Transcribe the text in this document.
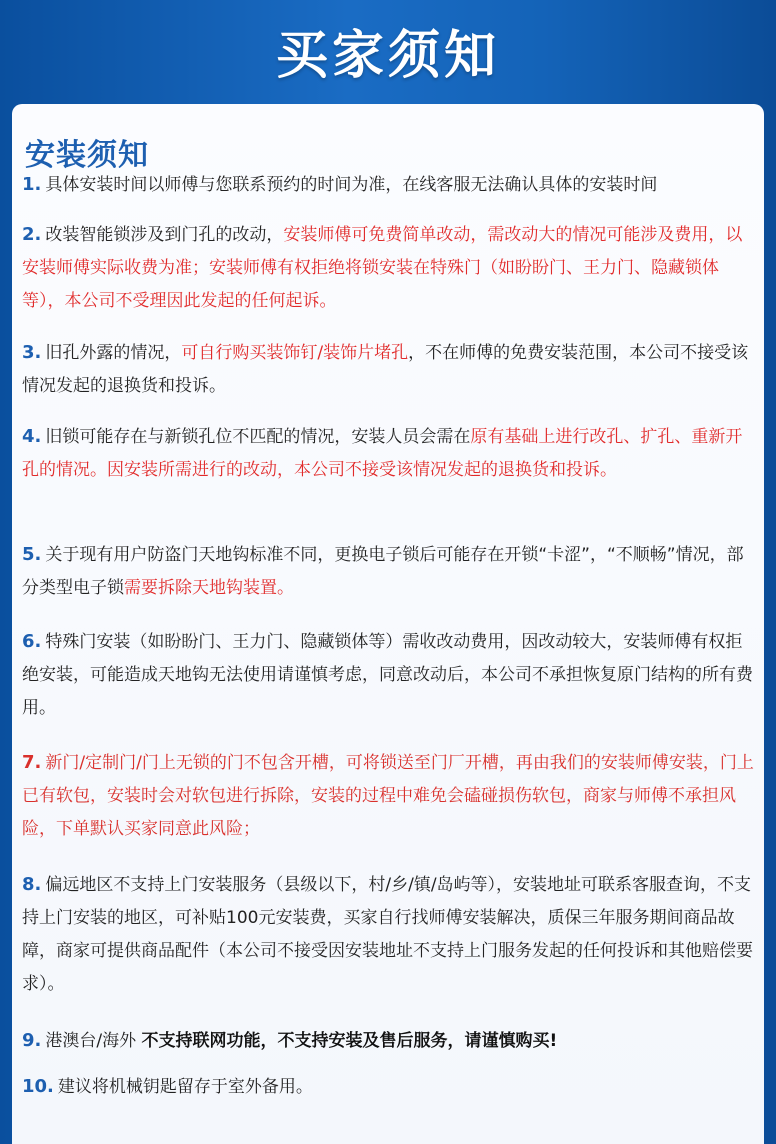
买家须知
安装须知
1. 具体安装时间以师傅与您联系预约的时间为准，在线客服无法确认具体的安装时间
2. 改装智能锁涉及到门孔的改动，安装师傅可免费简单改动，需改动大的情况可能涉及费用，以安装师傅实际收费为准；安装师傅有权拒绝将锁安装在特殊门（如盼盼门、王力门、隐藏锁体等），本公司不受理因此发起的任何起诉。
3. 旧孔外露的情况，可自行购买装饰钉/装饰片堵孔，不在师傅的免费安装范围，本公司不接受该情况发起的退换货和投诉。
4. 旧锁可能存在与新锁孔位不匹配的情况，安装人员会需在原有基础上进行改孔、扩孔、重新开孔的情况。因安装所需进行的改动，本公司不接受该情况发起的退换货和投诉。
5. 关于现有用户防盗门天地钩标准不同，更换电子锁后可能存在开锁“卡涩”，“不顺畅”情况，部分类型电子锁需要拆除天地钩装置。
6. 特殊门安装（如盼盼门、王力门、隐藏锁体等）需收改动费用，因改动较大，安装师傅有权拒绝安装，可能造成天地钩无法使用请谨慎考虑，同意改动后，本公司不承担恢复原门结构的所有费用。
7. 新门/定制门/门上无锁的门不包含开槽，可将锁送至门厂开槽，再由我们的安装师傅安装，门上已有软包，安装时会对软包进行拆除，安装的过程中难免会磕碰损伤软包，商家与师傅不承担风险，下单默认买家同意此风险；
8. 偏远地区不支持上门安装服务（县级以下，村/乡/镇/岛屿等），安装地址可联系客服查询，不支持上门安装的地区，可补贴100元安装费，买家自行找师傅安装解决，质保三年服务期间商品故障，商家可提供商品配件（本公司不接受因安装地址不支持上门服务发起的任何投诉和其他赔偿要求）。
9. 港澳台/海外 不支持联网功能，不支持安装及售后服务，请谨慎购买!
10. 建议将机械钥匙留存于室外备用。
